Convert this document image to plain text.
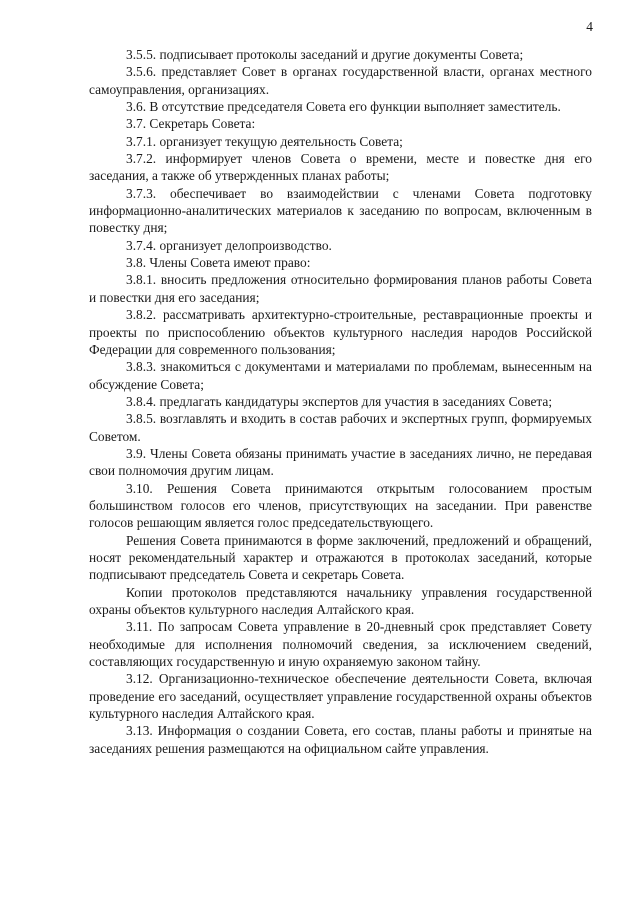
4

3.5.5. подписывает протоколы заседаний и другие документы Совета;

3.5.6. представляет Совет в органах государственной власти, органах местного самоуправления, организациях.

3.6. В отсутствие председателя Совета его функции выполняет заместитель.

3.7. Секретарь Совета:

3.7.1. организует текущую деятельность Совета;

3.7.2. информирует членов Совета о времени, месте и повестке дня его заседания, а также об утвержденных планах работы;

3.7.3. обеспечивает во взаимодействии с членами Совета подготовку информационно-аналитических материалов к заседанию по вопросам, включенным в повестку дня;

3.7.4. организует делопроизводство.

3.8. Члены Совета имеют право:

3.8.1. вносить предложения относительно формирования планов работы Совета и повестки дня его заседания;

3.8.2. рассматривать архитектурно-строительные, реставрационные проекты и проекты по приспособлению объектов культурного наследия народов Российской Федерации для современного пользования;

3.8.3. знакомиться с документами и материалами по проблемам, вынесенным на обсуждение Совета;

3.8.4. предлагать кандидатуры экспертов для участия в заседаниях Совета;

3.8.5. возглавлять и входить в состав рабочих и экспертных групп, формируемых Советом.

3.9. Члены Совета обязаны принимать участие в заседаниях лично, не передавая свои полномочия другим лицам.

3.10. Решения Совета принимаются открытым голосованием простым большинством голосов его членов, присутствующих на заседании. При равенстве голосов решающим является голос председательствующего.

Решения Совета принимаются в форме заключений, предложений и обращений, носят рекомендательный характер и отражаются в протоколах заседаний, которые подписывают председатель Совета и секретарь Совета.

Копии протоколов представляются начальнику управления государственной охраны объектов культурного наследия Алтайского края.

3.11. По запросам Совета управление в 20-дневный срок представляет Совету необходимые для исполнения полномочий сведения, за исключением сведений, составляющих государственную и иную охраняемую законом тайну.

3.12. Организационно-техническое обеспечение деятельности Совета, включая проведение его заседаний, осуществляет управление государственной охраны объектов культурного наследия Алтайского края.

3.13. Информация о создании Совета, его состав, планы работы и принятые на заседаниях решения размещаются на официальном сайте управления.
